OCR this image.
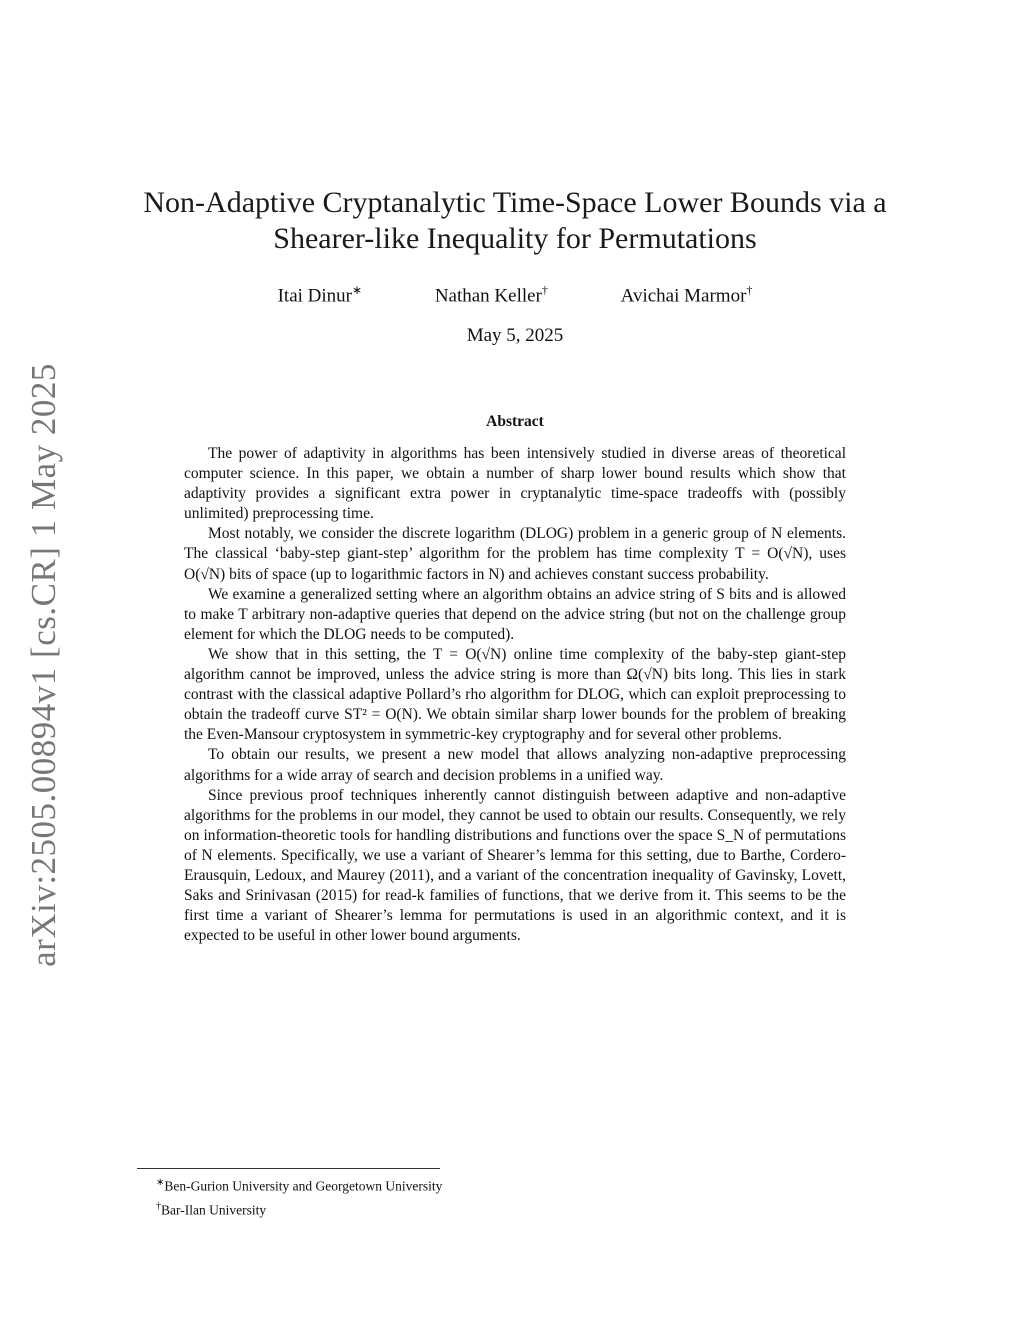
arXiv:2505.00894v1 [cs.CR] 1 May 2025
Non-Adaptive Cryptanalytic Time-Space Lower Bounds via a Shearer-like Inequality for Permutations
Itai Dinur∗	Nathan Keller†	Avichai Marmor†
May 5, 2025
Abstract

The power of adaptivity in algorithms has been intensively studied in diverse areas of theoretical computer science. In this paper, we obtain a number of sharp lower bound results which show that adaptivity provides a significant extra power in cryptanalytic time-space tradeoffs with (possibly unlimited) preprocessing time.

Most notably, we consider the discrete logarithm (DLOG) problem in a generic group of N elements. The classical ‘baby-step giant-step’ algorithm for the problem has time complexity T = O(√N), uses O(√N) bits of space (up to logarithmic factors in N) and achieves constant success probability.

We examine a generalized setting where an algorithm obtains an advice string of S bits and is allowed to make T arbitrary non-adaptive queries that depend on the advice string (but not on the challenge group element for which the DLOG needs to be computed).

We show that in this setting, the T = O(√N) online time complexity of the baby-step giant-step algorithm cannot be improved, unless the advice string is more than Ω(√N) bits long. This lies in stark contrast with the classical adaptive Pollard’s rho algorithm for DLOG, which can exploit preprocessing to obtain the tradeoff curve ST² = O(N). We obtain similar sharp lower bounds for the problem of breaking the Even-Mansour cryptosystem in symmetric-key cryptography and for several other problems.

To obtain our results, we present a new model that allows analyzing non-adaptive preprocessing algorithms for a wide array of search and decision problems in a unified way.

Since previous proof techniques inherently cannot distinguish between adaptive and non-adaptive algorithms for the problems in our model, they cannot be used to obtain our results. Consequently, we rely on information-theoretic tools for handling distributions and functions over the space S_N of permutations of N elements. Specifically, we use a variant of Shearer’s lemma for this setting, due to Barthe, Cordero-Erausquin, Ledoux, and Maurey (2011), and a variant of the concentration inequality of Gavinsky, Lovett, Saks and Srinivasan (2015) for read-k families of functions, that we derive from it. This seems to be the first time a variant of Shearer’s lemma for permutations is used in an algorithmic context, and it is expected to be useful in other lower bound arguments.

∗Ben-Gurion University and Georgetown University
†Bar-Ilan University
